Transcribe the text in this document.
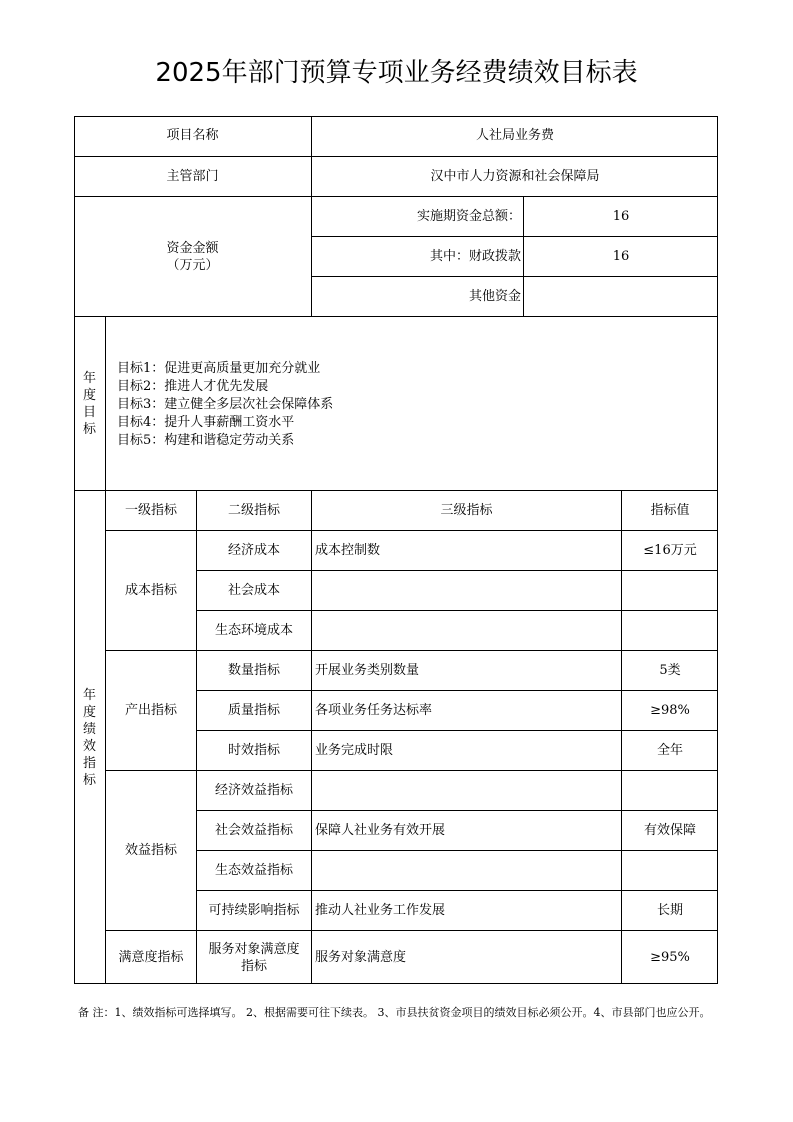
2025年部门预算专项业务经费绩效目标表
项目名称	人社局业务费
主管部门	汉中市人力资源和社会保障局
资金金额
（万元）
实施期资金总额：	16
其中：财政拨款	16
其他资金
年
度
目
标
目标1：促进更高质量更加充分就业
目标2：推进人才优先发展
目标3：建立健全多层次社会保障体系
目标4：提升人事薪酬工资水平
目标5：构建和谐稳定劳动关系
年
度
绩
效
指
标
一级指标	二级指标	三级指标	指标值
成本指标
经济成本	成本控制数	≤16万元
社会成本
生态环境成本
产出指标
数量指标	开展业务类别数量	5类
质量指标	各项业务任务达标率	≥98%
时效指标	业务完成时限	全年
效益指标
经济效益指标
社会效益指标	保障人社业务有效开展	有效保障
生态效益指标
可持续影响指标	推动人社业务工作发展	长期
满意度指标
服务对象满意度
指标
服务对象满意度	≥95%
备 注：1、绩效指标可选择填写。 2、根据需要可往下续表。 3、市县扶贫资金项目的绩效目标必须公开。4、市县部门也应公开。
